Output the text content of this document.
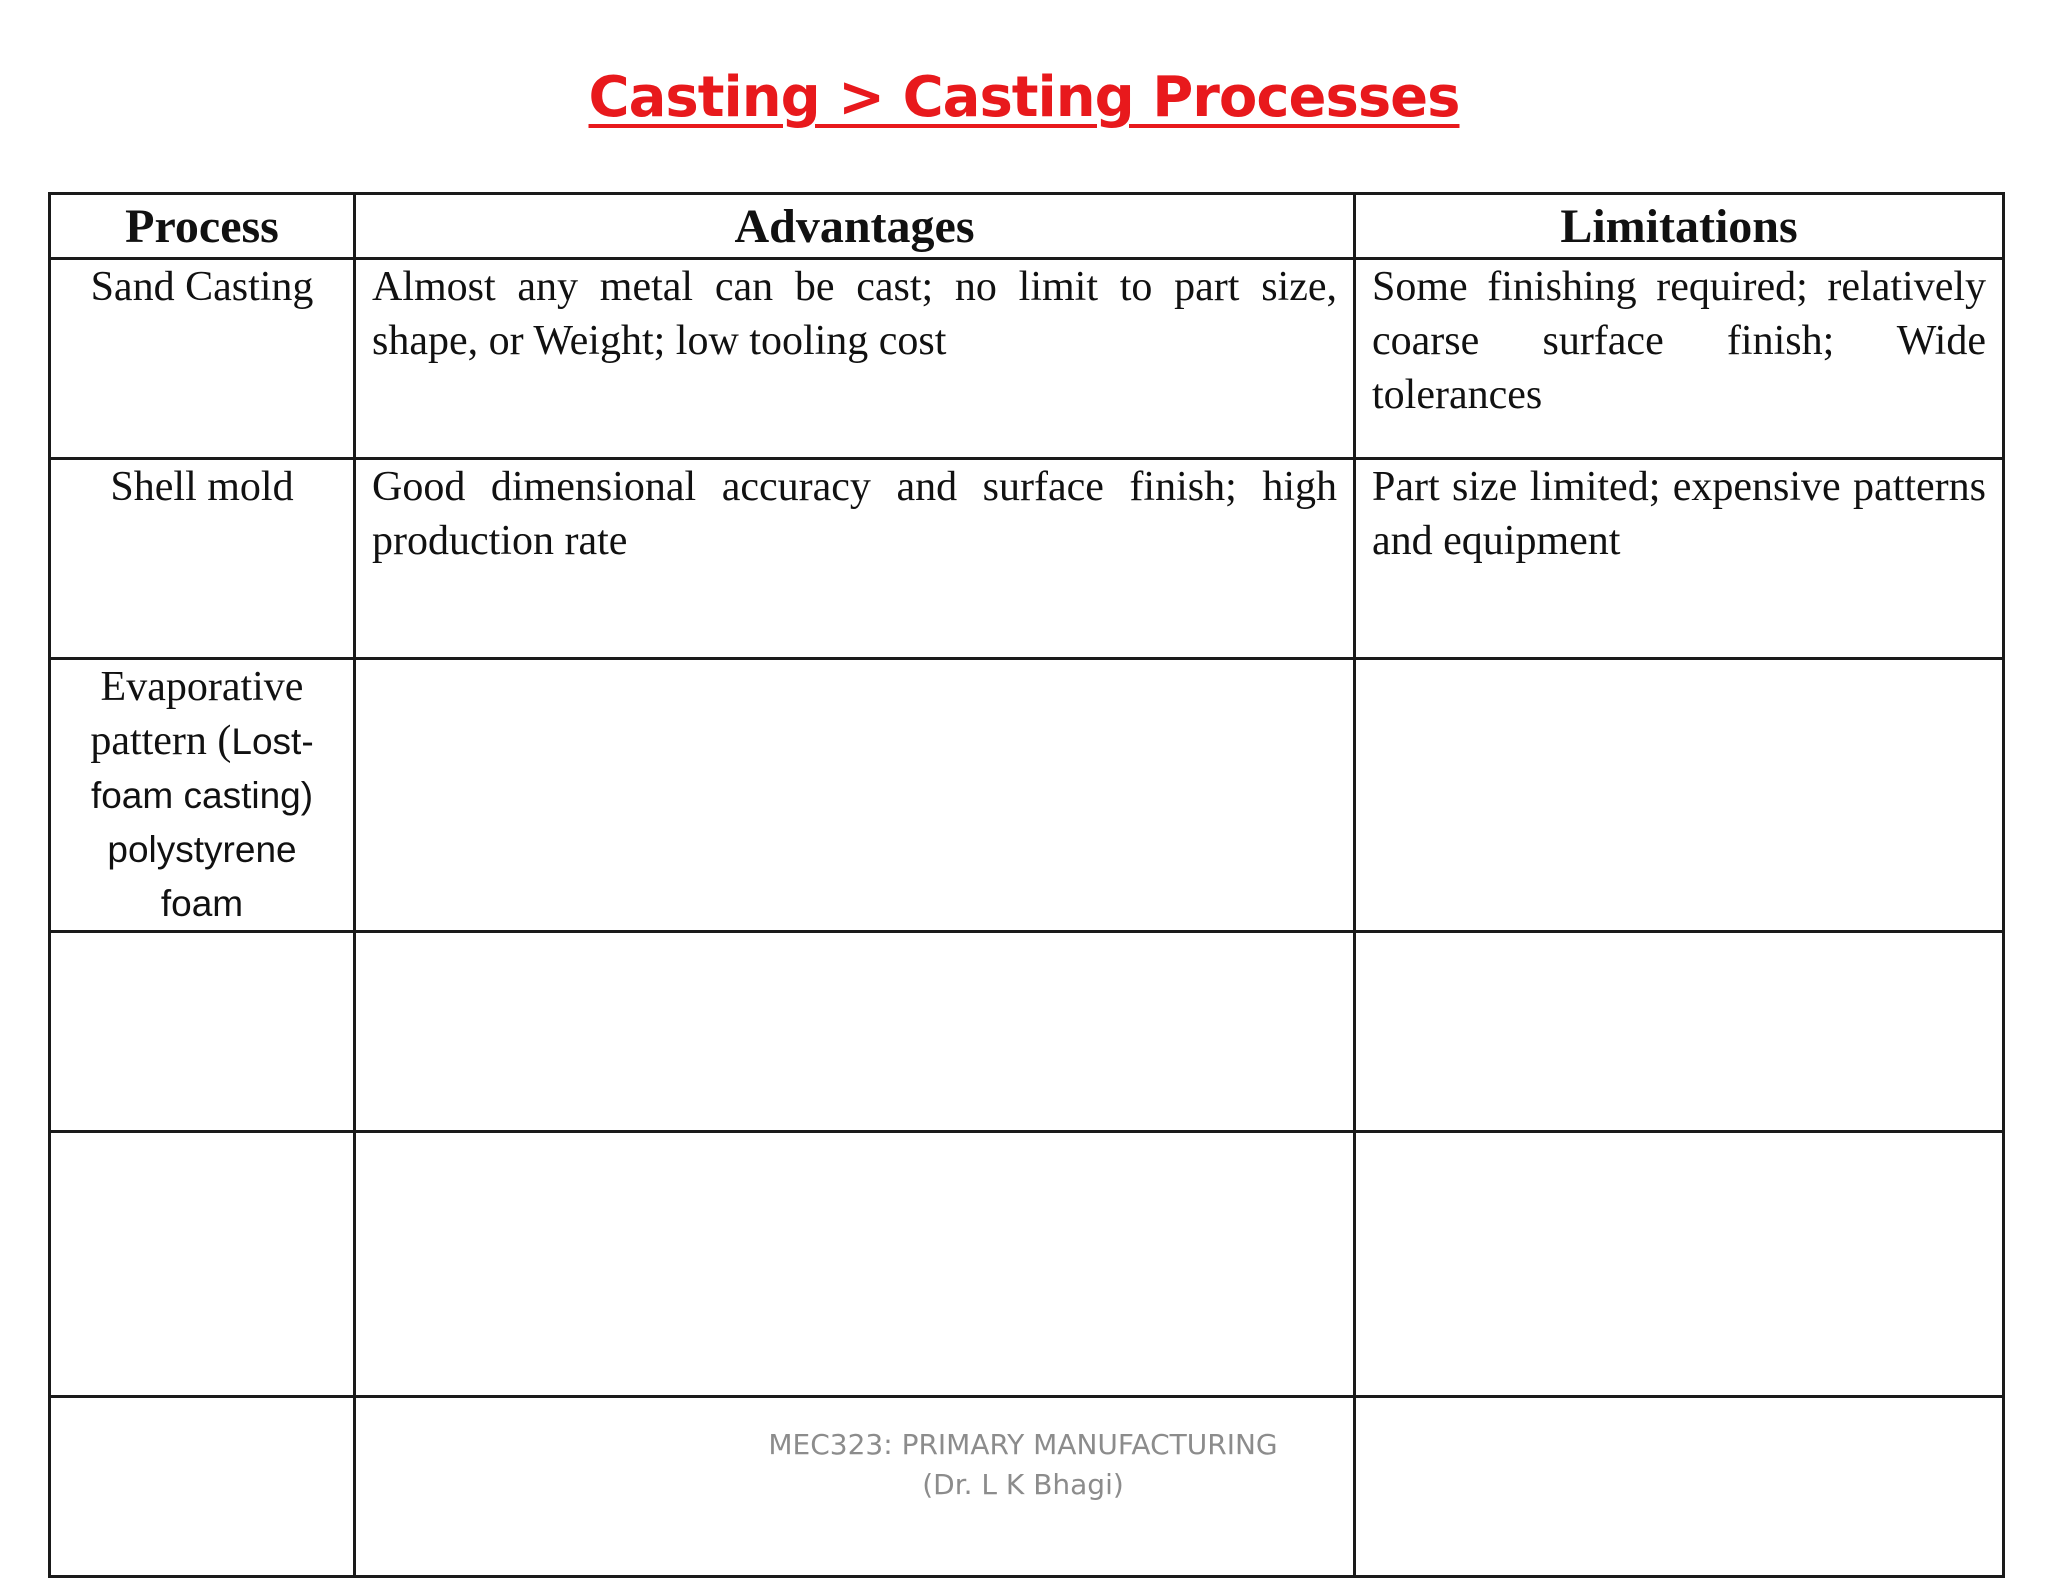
Casting > Casting Processes
Process	Advantages	Limitations
Sand Casting	Almost any metal can be cast; no limit to part size, shape, or Weight; low tooling cost	Some finishing required; relatively coarse surface finish; Wide tolerances
Shell mold	Good dimensional accuracy and surface finish; high production rate	Part size limited; expensive patterns and equipment
Evaporative pattern (Lost-foam casting) polystyrene foam		

MEC323: PRIMARY MANUFACTURING
(Dr. L K Bhagi)
